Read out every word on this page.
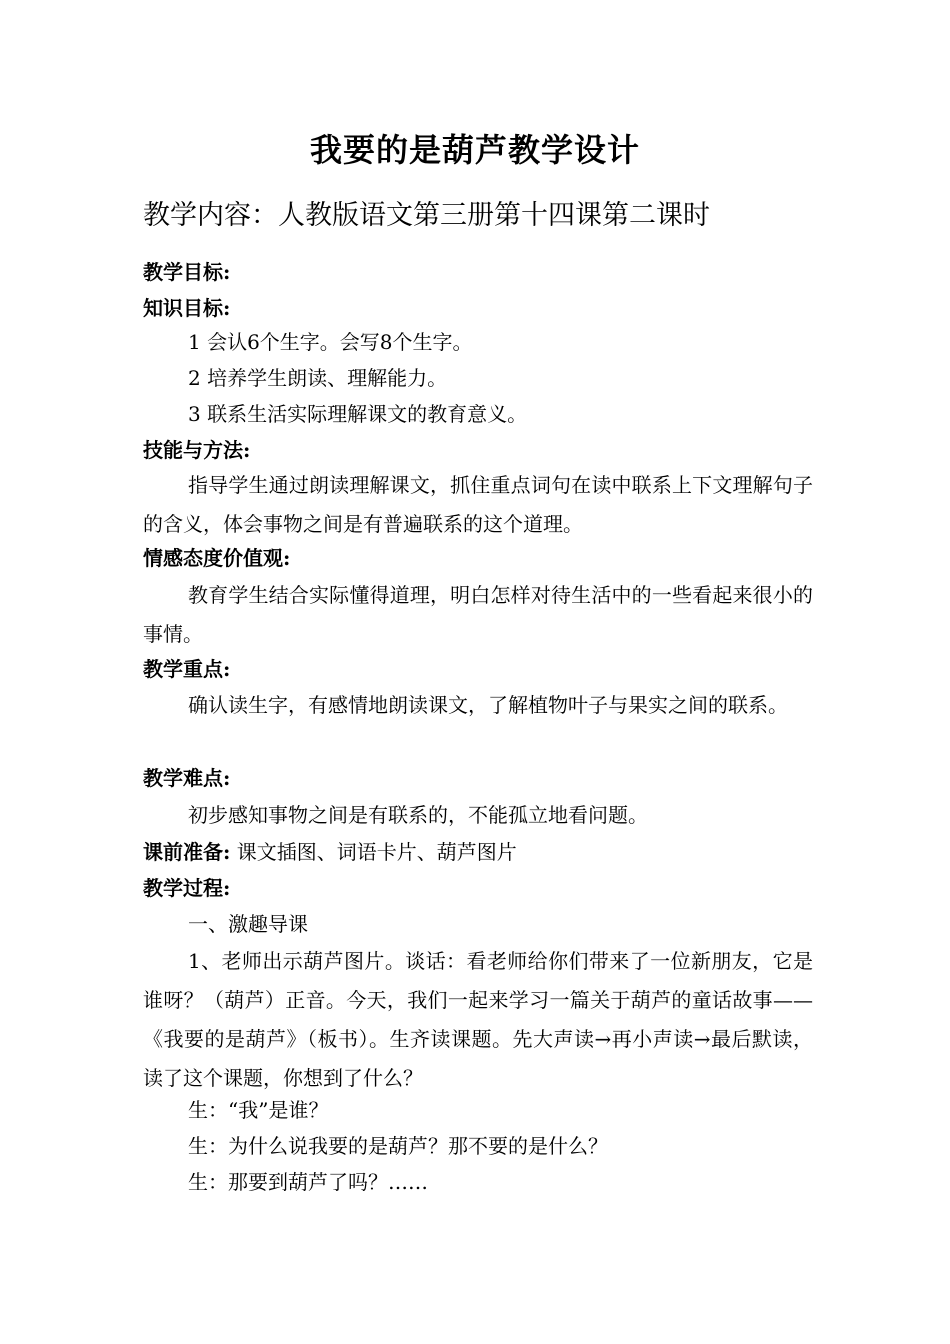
我要的是葫芦教学设计
教学内容：人教版语文第三册第十四课第二课时
教学目标:
知识目标:
1 会认6个生字。会写8个生字。
2 培养学生朗读、理解能力。
3 联系生活实际理解课文的教育意义。
技能与方法:
指导学生通过朗读理解课文，抓住重点词句在读中联系上下文理解句子的含义，体会事物之间是有普遍联系的这个道理。
情感态度价值观:
教育学生结合实际懂得道理，明白怎样对待生活中的一些看起来很小的事情。
教学重点:
确认读生字，有感情地朗读课文，了解植物叶子与果实之间的联系。
教学难点:
初步感知事物之间是有联系的，不能孤立地看问题。
课前准备: 课文插图、词语卡片、葫芦图片
教学过程:
一、激趣导课
1、老师出示葫芦图片。谈话：看老师给你们带来了一位新朋友，它是谁呀？（葫芦）正音。今天，我们一起来学习一篇关于葫芦的童话故事——《我要的是葫芦》（板书）。生齐读课题。先大声读→再小声读→最后默读，读了这个课题，你想到了什么？
生：“我”是谁？
生：为什么说我要的是葫芦？那不要的是什么？
生：那要到葫芦了吗？……
